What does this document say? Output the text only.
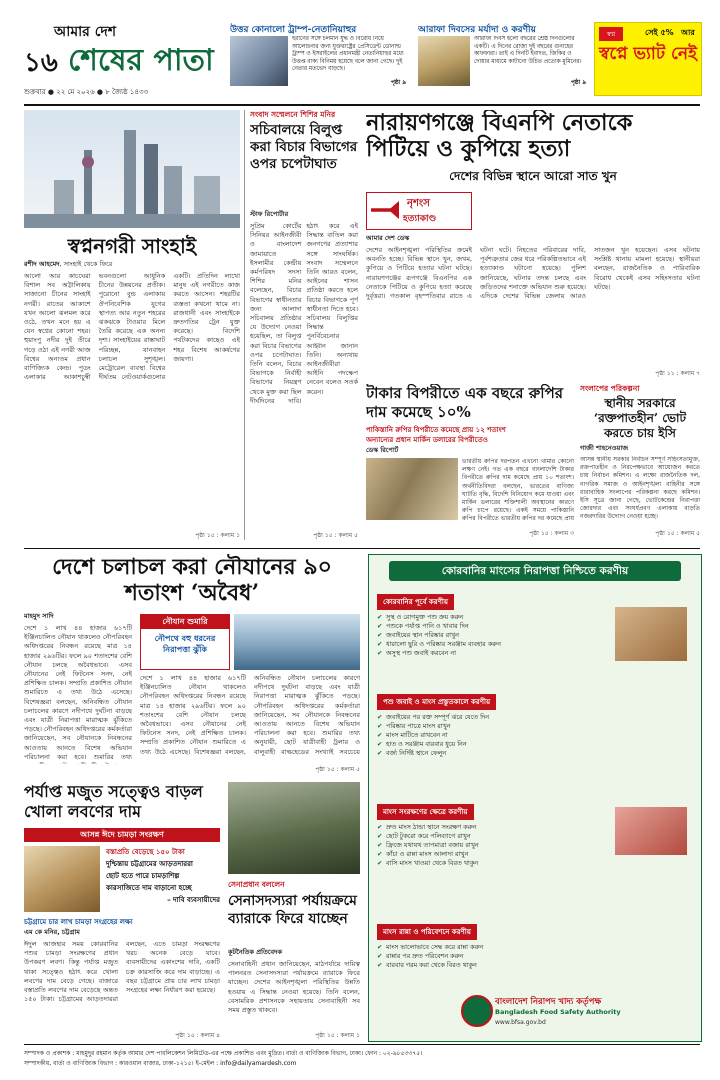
আমার দেশ
১৬ শেষের পাতা
শুক্রবার ● ২২ মে ২০২৬ ● ৮ জ্যৈষ্ঠ ১৪৩৩
উত্তর কোনালো ট্রাম্প-নেতানিয়াহুর
ইরানের সঙ্গে চলমান যুদ্ধ ও বিরোধ নিয়ে আলোচনার জন্য যুক্তরাষ্ট্রের প্রেসিডেন্ট ডোনাল্ড ট্রাম্প ও ইসরাইলের প্রধানমন্ত্রী নেতানিয়াহুর মধ্যে উত্তপ্ত বাক্য বিনিময় হয়েছে বলে জানা গেছে। দুই নেতার মতভেদ বাড়ছে।
পৃষ্ঠা ৯
আরাফা দিবসের মর্যাদা ও করণীয়
আরাফা দিবস হলো বছরের শ্রেষ্ঠ দিনগুলোর একটি। এ দিনের রোজা দুই বছরের গুনাহের কাফফারা। তাই এ দিনটি ইবাদত, জিকির ও দোয়ার মাধ্যমে কাটানো উচিত প্রত্যেক মুমিনের।
পৃষ্ঠা ৯
সেই ৫% আর
স্বপ্নে ভ্যাট নেই
স্বপ্ন
স্বপ্ননগরী সাংহাই
রশীদ আহমেদ, সাংহাই থেকে ফিরে
আলো আর কাচঘেরা বিশাল সব অট্টালিকায় সাজানো চীনের সাংহাই নগরী। রাতের আকাশে যখন আলো ঝলমল করে ওঠে, তখন মনে হয় এ যেন স্বপ্নের কোনো শহর। হুয়াংপু নদীর দুই তীরে গড়ে ওঠা এই নগরী আজ বিশ্বের অন্যতম প্রধান বাণিজ্যিক কেন্দ্র। পুডং এলাকার আকাশচুম্বী ভবনগুলো আধুনিক চীনের উন্নয়নের প্রতীক। পুরোনো বুন্ড এলাকায় ঔপনিবেশিক যুগের স্থাপত্য আর নতুন শহরের ঝকঝকে টাওয়ার মিলে তৈরি করেছে এক অনন্য দৃশ্য। সাংহাইয়ের রাস্তাঘাট পরিচ্ছন্ন, যানবাহন চলাচল সুশৃঙ্খল। মেট্রোরেল ব্যবস্থা বিশ্বের দীর্ঘতম নেটওয়ার্কগুলোর একটি। প্রতিদিন লাখো মানুষ এই নগরীতে কাজ করতে আসেন। শহরটির ব্যস্ততা কখনো থামে না। রাজধানী এবং সাংহাইকে দ্রুতগতির ট্রেন যুক্ত করেছে। বিদেশি পর্যটকদের কাছেও এই শহর বিশেষ আকর্ষণের জায়গা।
পৃষ্ঠা ১৫ : কলাম ১
সংবাদ সম্মেলনে শিশির মনির
সচিবালয়ে বিলুপ্ত করা বিচার বিভাগের ওপর চপেটাঘাত
স্টাফ রিপোর্টার
সুপ্রিম কোর্টের সিনিয়র আইনজীবী ও বাংলাদেশ জামায়াতে ইসলামীর কেন্দ্রীয় কর্মপরিষদ সদস্য শিশির মনির বলেছেন, বিচার বিভাগের স্বাধীনতার জন্য আলাদা সচিবালয় প্রতিষ্ঠার যে উদ্যোগ নেওয়া হয়েছিল, তা বিলুপ্ত করা বিচার বিভাগের ওপর চপেটাঘাত। তিনি বলেন, বিচার বিভাগকে নির্বাহী বিভাগের নিয়ন্ত্রণ থেকে মুক্ত করা ছিল দীর্ঘদিনের দাবি। হঠাৎ করে এই সিদ্ধান্ত বাতিল করা জনগণের প্রত্যাশার সঙ্গে সাংঘর্ষিক। সংবাদ সম্মেলনে তিনি আরও বলেন, আইনের শাসন প্রতিষ্ঠা করতে হলে বিচার বিভাগকে পূর্ণ স্বাধীনতা দিতে হবে। সচিবালয় বিলুপ্তির সিদ্ধান্ত পুনর্বিবেচনার আহ্বান জানান তিনি। অন্যথায় আইনজীবীরা আইনি পদক্ষেপ নেবেন বলেও সতর্ক করেন।
পৃষ্ঠা ১৫ : কলাম ৫
নারায়ণগঞ্জে বিএনপি নেতাকে পিটিয়ে ও কুপিয়ে হত্যা
দেশের বিভিন্ন স্থানে আরো সাত খুন
নৃশংস
হত্যাকাণ্ড
আমার দেশ ডেস্ক
দেশের আইনশৃঙ্খলা পরিস্থিতির ক্রমেই অবনতি হচ্ছে। বিভিন্ন স্থানে খুন, জখম, কুপিয়ে ও পিটিয়ে হত্যার ঘটনা ঘটছে। নারায়ণগঞ্জের রূপগঞ্জে বিএনপির এক নেতাকে পিটিয়ে ও কুপিয়ে হত্যা করেছে দুর্বৃত্তরা। গতকাল বৃহস্পতিবার রাতে এ ঘটনা ঘটে। নিহতের পরিবারের দাবি, পূর্বশত্রুতার জের ধরে পরিকল্পিতভাবে এই হত্যাকাণ্ড ঘটানো হয়েছে। পুলিশ জানিয়েছে, ঘটনার তদন্ত চলছে এবং জড়িতদের শনাক্তে অভিযান শুরু হয়েছে। এদিকে দেশের বিভিন্ন জেলায় আরও সাতজন খুন হয়েছেন। এসব ঘটনায় সংশ্লিষ্ট থানায় মামলা হয়েছে। স্থানীয়রা বলছেন, রাজনৈতিক ও পারিবারিক বিরোধ থেকেই এসব সহিংসতার ঘটনা ঘটছে।
পৃষ্ঠা ১১ : কলাম ৭
টাকার বিপরীতে এক বছরে রুপির দাম কমেছে ১০%
পাকিস্তানি রুপির বিপরীতে কমেছে প্রায় ১২ শতাংশ
অন্যান্যের প্রধান মার্কিন ডলারের বিপরীতেও
ডেস্ক রিপোর্ট
ভারতীয় রুপির দরপতন এখনো থামার কোনো লক্ষণ নেই। গত এক বছরে বাংলাদেশি টাকার বিপরীতে রুপির দাম কমেছে প্রায় ১০ শতাংশ। অর্থনীতিবিদরা বলছেন, ভারতের বাণিজ্য ঘাটতি বৃদ্ধি, বিদেশি বিনিয়োগ কমে যাওয়া এবং মার্কিন ডলারের শক্তিশালী অবস্থানের কারণে রুপি চাপে রয়েছে। একই সময়ে পাকিস্তানি রুপির বিপরীতে ভারতীয় রুপির দর কমেছে প্রায়
পৃষ্ঠা ১৫ : কলাম ৩
সংলাপের পরিকল্পনা
স্থানীয় সরকারে ‘রক্তপাতহীন’ ভোট করতে চায় ইসি
গাজী শাহনেওয়াজ
আসন্ন স্থানীয় সরকার নির্বাচন সম্পূর্ণ সহিংসতামুক্ত, রক্তপাতহীন ও নিরপেক্ষভাবে আয়োজন করতে চায় নির্বাচন কমিশন। এ লক্ষ্যে রাজনৈতিক দল, নাগরিক সমাজ ও আইনশৃঙ্খলা বাহিনীর সঙ্গে ধারাবাহিক সংলাপের পরিকল্পনা করছে কমিশন। ইসি সূত্রে জানা গেছে, ভোটকেন্দ্রের নিরাপত্তা জোরদার এবং সংঘর্ষপ্রবণ এলাকায় বাড়তি নজরদারির উদ্যোগ নেওয়া হচ্ছে।
পৃষ্ঠা ১৫ : কলাম ৫
দেশে চলাচল করা নৌযানের ৯০ শতাংশ ‘অবৈধ’
মাহমুদ সাদি
দেশে ১ লাখ ৪৪ হাজার ৬১৭টি ইঞ্জিনচালিত নৌযান থাকলেও নৌপরিবহন অধিদপ্তরের নিবন্ধন রয়েছে মাত্র ১৪ হাজার ২৯৬টির। ফলে ৯০ শতাংশের বেশি নৌযান চলছে অবৈধভাবে। এসব নৌযানের নেই ফিটনেস সনদ, নেই প্রশিক্ষিত চালক। সম্প্রতি প্রকাশিত নৌযান শুমারিতে এ তথ্য উঠে এসেছে। বিশেষজ্ঞরা বলছেন, অনিবন্ধিত নৌযান চলাচলের কারণে নদীপথে দুর্ঘটনা বাড়ছে এবং যাত্রী নিরাপত্তা মারাত্মক ঝুঁকিতে পড়ছে। নৌপরিবহন অধিদপ্তরের কর্মকর্তারা জানিয়েছেন, সব নৌযানকে নিবন্ধনের আওতায় আনতে বিশেষ অভিযান পরিচালনা করা হবে। শুমারির তথ্য
নৌযান শুমারি
নৌপথে বহু ধরনের নিরাপত্তা ঝুঁকি
দেশে ১ লাখ ৪৪ হাজার ৬১৭টি ইঞ্জিনচালিত নৌযান থাকলেও নৌপরিবহন অধিদপ্তরের নিবন্ধন রয়েছে মাত্র ১৪ হাজার ২৯৬টির। ফলে ৯০ শতাংশের বেশি নৌযান চলছে অবৈধভাবে। এসব নৌযানের নেই ফিটনেস সনদ, নেই প্রশিক্ষিত চালক। সম্প্রতি প্রকাশিত নৌযান শুমারিতে এ তথ্য উঠে এসেছে। বিশেষজ্ঞরা বলছেন, অনিবন্ধিত নৌযান চলাচলের কারণে নদীপথে দুর্ঘটনা বাড়ছে এবং যাত্রী নিরাপত্তা মারাত্মক ঝুঁকিতে পড়ছে। নৌপরিবহন অধিদপ্তরের কর্মকর্তারা জানিয়েছেন, সব নৌযানকে নিবন্ধনের আওতায় আনতে বিশেষ অভিযান পরিচালনা করা হবে। শুমারির তথ্য অনুযায়ী, ছোট যাত্রীবাহী ট্রলার ও বালুবাহী বাল্কহেডের সংখ্যাই সবচেয়ে
পৃষ্ঠা ১৫ : কলাম ৫
পর্যাপ্ত মজুত সত্ত্বেও বাড়ল খোলা লবণের দাম
আসন্ন ঈদে চামড়া সংরক্ষণ
বস্তাপ্রতি বেড়েছে ১৫০ টাকা
দুশ্চিন্তায় চট্টগ্রামের আড়তদাররা
ছোট হতে পারে চামড়াশিল্প
কারসাজিতে দাম বাড়ানো হচ্ছে
– দাবি ব্যবসায়ীদের
চট্টগ্রামে চার লাখ চামড়া সংগ্রহের লক্ষ্য
এম কে মনির, চট্টগ্রাম
ঈদুল আজহার সময় কোরবানির পশুর চামড়া সংরক্ষণের প্রধান উপকরণ লবণ। কিন্তু পর্যাপ্ত মজুত থাকা সত্ত্বেও হঠাৎ করে খোলা লবণের দাম বেড়ে গেছে। বাজারে বস্তাপ্রতি লবণের দাম বেড়েছে অন্তত ১৫০ টাকা। চট্টগ্রামের আড়তদাররা বলছেন, এতে চামড়া সংরক্ষণের খরচ অনেক বেড়ে যাবে। ব্যবসায়ীদের একাংশের দাবি, একটি চক্র কারসাজি করে দাম বাড়াচ্ছে। এ বছর চট্টগ্রামে প্রায় চার লাখ চামড়া সংগ্রহের লক্ষ্য নির্ধারণ করা হয়েছে।
পৃষ্ঠা ১৫ : কলাম ৪
সেনাপ্রধান বললেন
সেনাসদস্যরা পর্যায়ক্রমে ব্যারাকে ফিরে যাচ্ছেন
কূটনৈতিক প্রতিবেদক
সেনাবাহিনী প্রধান জানিয়েছেন, মাঠপর্যায়ে দায়িত্ব পালনরত সেনাসদস্যরা পর্যায়ক্রমে ব্যারাকে ফিরে যাচ্ছেন। দেশের আইনশৃঙ্খলা পরিস্থিতির উন্নতি হওয়ায় এ সিদ্ধান্ত নেওয়া হয়েছে। তিনি বলেন, বেসামরিক প্রশাসনকে সহায়তায় সেনাবাহিনী সব সময় প্রস্তুত থাকবে।
পৃষ্ঠা ১৫ : কলাম ১
কোরবানির মাংসের নিরাপত্তা নিশ্চিতে করণীয়
কোরবানির পূর্বে করণীয়
✔ সুস্থ ও রোগমুক্ত পশু ক্রয় করুন
✔ পশুকে পর্যাপ্ত পানি ও খাবার দিন
✔ জবাইয়ের স্থান পরিষ্কার রাখুন
✔ ধারালো ছুরি ও পরিষ্কার সরঞ্জাম ব্যবহার করুন
✔ অসুস্থ পশু জবাই করবেন না
পশু জবাই ও মাংস প্রস্তুতকালে করণীয়
✔ জবাইয়ের পর রক্ত সম্পূর্ণ ঝরে যেতে দিন
✔ পরিষ্কার পাত্রে মাংস রাখুন
✔ মাংস মাটিতে রাখবেন না
✔ হাত ও সরঞ্জাম বারবার ধুয়ে নিন
✔ বর্জ্য নির্দিষ্ট স্থানে ফেলুন
মাংস সংরক্ষণের ক্ষেত্রে করণীয়
✔ দ্রুত মাংস ঠান্ডা স্থানে সংরক্ষণ করুন
✔ ছোট টুকরো করে পলিব্যাগে রাখুন
✔ ফ্রিজে যথাযথ তাপমাত্রা বজায় রাখুন
✔ কাঁচা ও রান্না মাংস আলাদা রাখুন
✔ বাসি মাংস খাওয়া থেকে বিরত থাকুন
মাংস রান্না ও পরিবেশনে করণীয়
✔ মাংস ভালোভাবে সেদ্ধ করে রান্না করুন
✔ রান্নার পর দ্রুত পরিবেশন করুন
✔ বারবার গরম করা থেকে বিরত থাকুন
বাংলাদেশ নিরাপদ খাদ্য কর্তৃপক্ষ
Bangladesh Food Safety Authority
www.bfsa.gov.bd
সম্পাদক ও প্রকাশক : মাহমুদুর রহমান কর্তৃক আমার দেশ পাবলিকেশন লিমিটেড-এর পক্ষে প্রকাশিত এবং মুদ্রিত। বার্তা ও বাণিজ্যিক বিভাগ, ঢাকা। ফোন : ০২-৯৮৫৩৩৭৫।
সম্পাদকীয়, বার্তা ও বাণিজ্যিক বিভাগ : কারওয়ান বাজার, ঢাকা-১২১৫। ই-মেইল : info@dailyamardesh.com
